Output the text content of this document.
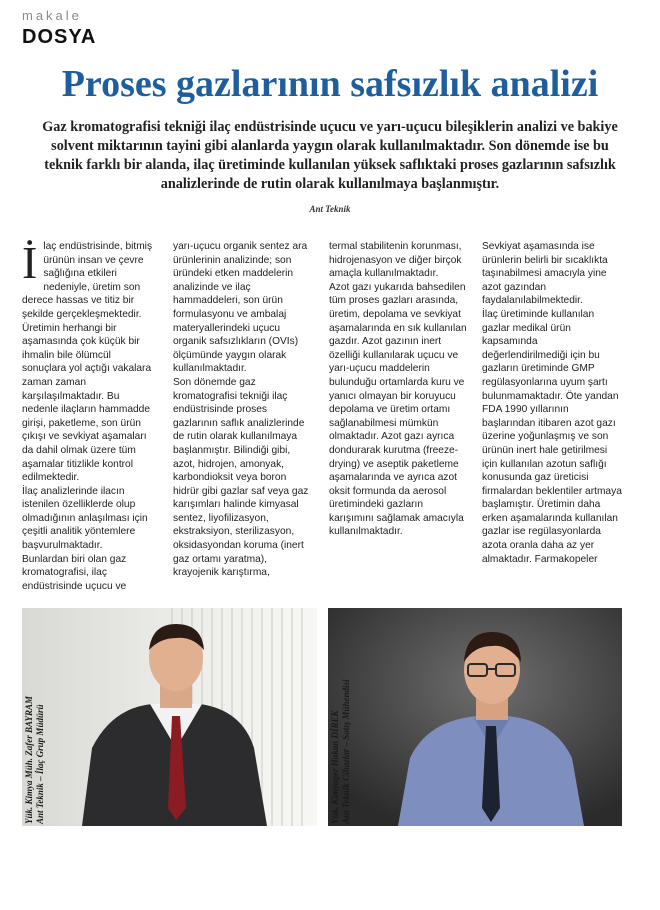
makale
DOSYA
Proses gazlarının safsızlık analizi
Gaz kromatografisi tekniği ilaç endüstrisinde uçucu ve yarı-uçucu bileşiklerin analizi ve bakiye solvent miktarının tayini gibi alanlarda yaygın olarak kullanılmaktadır. Son dönemde ise bu teknik farklı bir alanda, ilaç üretiminde kullanılan yüksek saflıktaki proses gazlarının safsızlık analizlerinde de rutin olarak kullanılmaya başlanmıştır.
Ant Teknik
İ laç endüstrisinde, bitmiş ürünün insan ve çevre sağlığına etkileri nedeniyle, üretim son derece hassas ve titiz bir şekilde gerçekleşmektedir. Üretimin herhangi bir aşamasında çok küçük bir ihmalin bile ölümcül sonuçlara yol açtığı vakalara zaman zaman karşılaşılmaktadır. Bu nedenle ilaçların hammadde girişi, paketleme, son ürün çıkışı ve sevkiyat aşamaları da dahil olmak üzere tüm aşamalar titizlikle kontrol edilmektedir.

İlaç analizlerinde ilacın istenilen özelliklerde olup olmadığının anlaşılması için çeşitli analitik yöntemlere başvurulmaktadır.

Bunlardan biri olan gaz kromatografisi, ilaç endüstrisinde uçucu ve

yarı-uçucu organik sentez ara ürünlerinin analizinde; son üründeki etken maddelerin analizinde ve ilaç hammaddeleri, son ürün formulasyonu ve ambalaj materyallerindeki uçucu organik safsızlıkların (OVIs) ölçümünde yaygın olarak kullanılmaktadır.

Son dönemde gaz kromatografisi tekniği ilaç endüstrisinde proses gazlarının saflık analizlerinde de rutin olarak kullanılmaya başlanmıştır. Bilindiği gibi, azot, hidrojen, amonyak, karbondioksit veya boron hidrür gibi gazlar saf veya gaz karışımları halinde kimyasal sentez, liyofilizasyon, ekstraksiyon, sterilizasyon, oksidasyondan koruma (inert gaz ortamı yaratma), krayojenik karıştırma,

termal stabilitenin korunması, hidrojenasyon ve diğer birçok amaçla kullanılmaktadır.

Azot gazı yukarıda bahsedilen tüm proses gazları arasında, üretim, depolama ve sevkiyat aşamalarında en sık kullanılan gazdır. Azot gazının inert özelliği kullanılarak uçucu ve yarı-uçucu maddelerin bulunduğu ortamlarda kuru ve yanıcı olmayan bir koruyucu depolama ve üretim ortamı sağlanabilmesi mümkün olmaktadır. Azot gazı ayrıca dondurarak kurutma (freeze-drying) ve aseptik paketleme aşamalarında ve ayrıca azot oksit formunda da aerosol üretimindeki gazların karışımını sağlamak amacıyla kullanılmaktadır.

Sevkiyat aşamasında ise ürünlerin belirli bir sıcaklıkta taşınabilmesi amacıyla yine azot gazından faydalanılabilmektedir.

İlaç üretiminde kullanılan gazlar medikal ürün kapsamında değerlendirilmediği için bu gazların üretiminde GMP regülasyonlarına uyum şartı bulunmamaktadır. Öte yandan FDA 1990 yıllarının başlarından itibaren azot gazı üzerine yoğunlaşmış ve son ürünün inert hale getirilmesi için kullanılan azotun saflığı konusunda gaz üreticisi firmalardan beklentiler artmaya başlamıştır. Üretimin daha erken aşamalarında kullanılan gazlar ise regülasyonlarda azota oranla daha az yer almaktadır. Farmakopeler

Yük. Kimya Müh. Zafer BAYRAM Ant Teknik – İlaç Grup Müdürü	Yük. Kimyager Hakan DİREK Ant Teknik Cihazlar – Satış Mühendisi
